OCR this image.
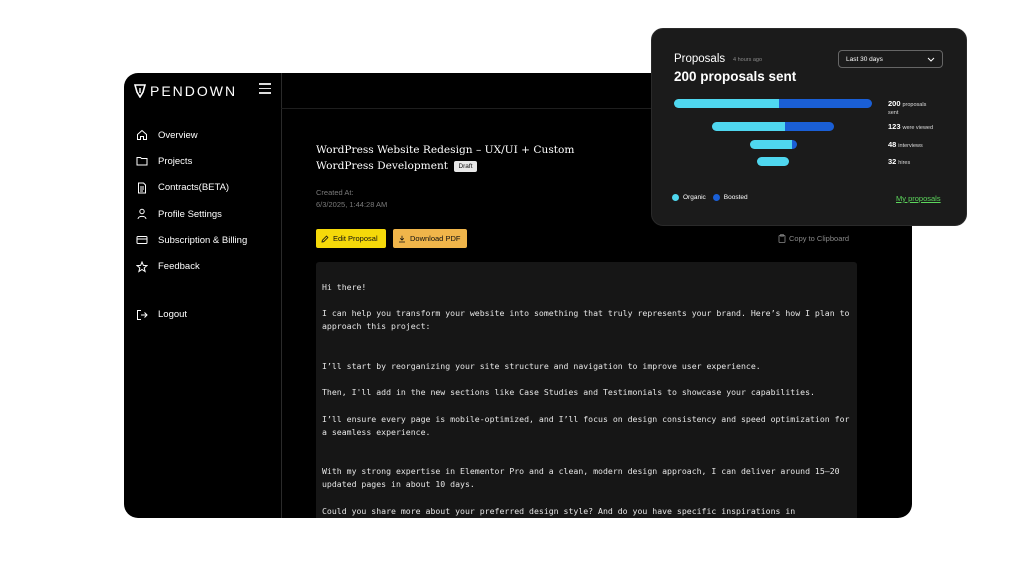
PENDOWN
Overview
Projects
Contracts(BETA)
Profile Settings
Subscription & Billing
Feedback
Logout
WordPress Website Redesign – UX/UI + Custom WordPress Development Draft
Created At:
6/3/2025, 1:44:28 AM
Edit Proposal	Download PDF	Copy to Clipboard

Hi there!

I can help you transform your website into something that truly represents your brand. Here’s how I plan to approach this project:

I’ll start by reorganizing your site structure and navigation to improve user experience.

Then, I'll add in the new sections like Case Studies and Testimonials to showcase your capabilities.

I’ll ensure every page is mobile-optimized, and I’ll focus on design consistency and speed optimization for a seamless experience.

With my strong expertise in Elementor Pro and a clean, modern design approach, I can deliver around 15–20 updated pages in about 10 days.

Could you share more about your preferred design style? And do you have specific inspirations in

Proposals 4 hours ago
200 proposals sent
Last 30 days
200 proposals
sent
123 were viewed
48 interviews
32 hires
Organic	Boosted	My proposals
